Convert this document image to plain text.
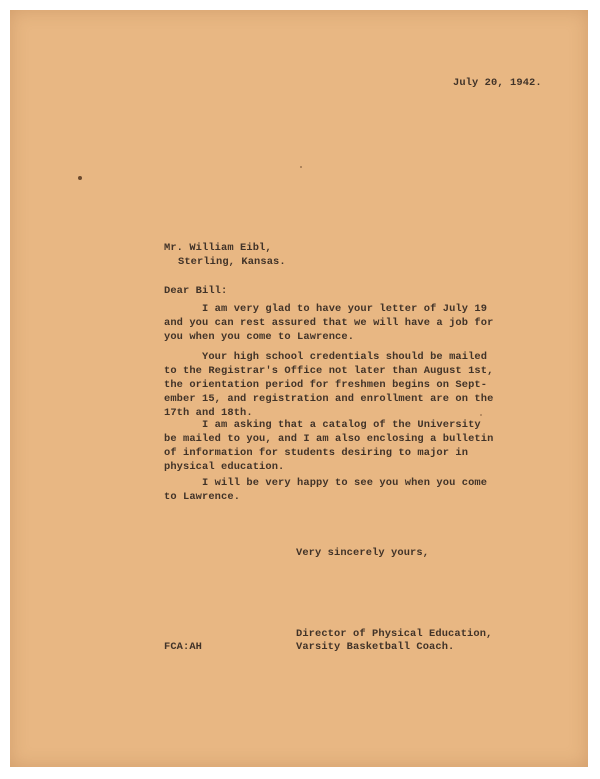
July 20, 1942.
Mr. William Eibl,
Sterling, Kansas.
Dear Bill:
I am very glad to have your letter of July 19
and you can rest assured that we will have a job for
you when you come to Lawrence.
Your high school credentials should be mailed
to the Registrar's Office not later than August 1st,
the orientation period for freshmen begins on Sept-
ember 15, and registration and enrollment are on the
17th and 18th.
I am asking that a catalog of the University
be mailed to you, and I am also enclosing a bulletin
of information for students desiring to major in
physical education.
I will be very happy to see you when you come
to Lawrence.
Very sincerely yours,
Director of Physical Education,
Varsity Basketball Coach.
FCA:AH
